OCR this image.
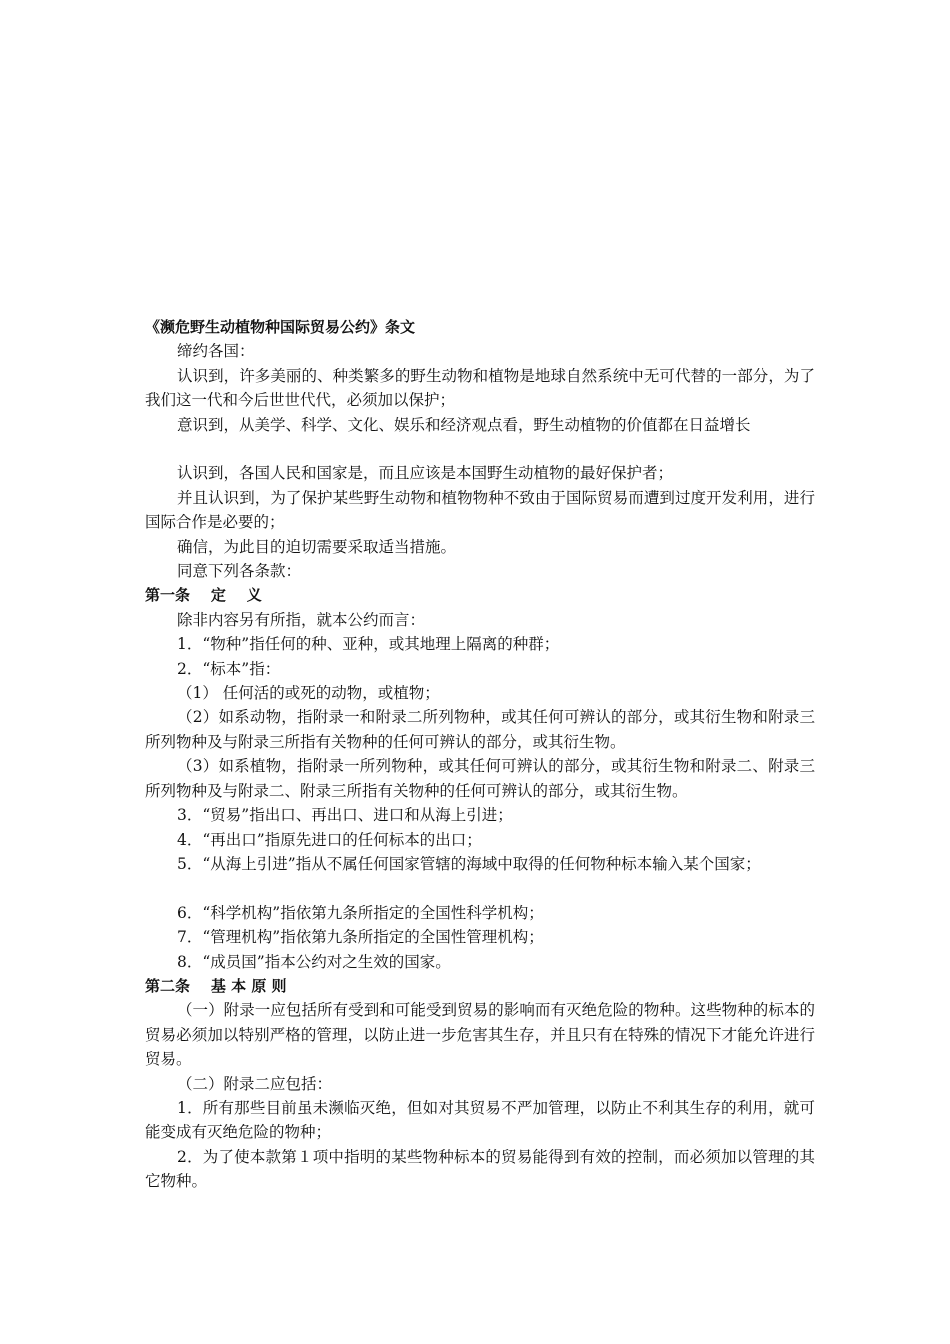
《濒危野生动植物种国际贸易公约》条文
缔约各国：
认识到，许多美丽的、种类繁多的野生动物和植物是地球自然系统中无可代替的一部分，为了我们这一代和今后世世代代，必须加以保护；
意识到，从美学、科学、文化、娱乐和经济观点看，野生动植物的价值都在日益增长
认识到，各国人民和国家是，而且应该是本国野生动植物的最好保护者；
并且认识到，为了保护某些野生动物和植物物种不致由于国际贸易而遭到过度开发利用，进行国际合作是必要的；
确信，为此目的迫切需要采取适当措施。
同意下列各条款：
第一条    定    义
除非内容另有所指，就本公约而言：
1．“物种”指任何的种、亚种，或其地理上隔离的种群；
2．“标本”指：
（1） 任何活的或死的动物，或植物；
（2）如系动物，指附录一和附录二所列物种，或其任何可辨认的部分，或其衍生物和附录三所列物种及与附录三所指有关物种的任何可辨认的部分，或其衍生物。
（3）如系植物，指附录一所列物种，或其任何可辨认的部分，或其衍生物和附录二、附录三所列物种及与附录二、附录三所指有关物种的任何可辨认的部分，或其衍生物。
3．“贸易”指出口、再出口、进口和从海上引进；
4．“再出口”指原先进口的任何标本的出口；
5．“从海上引进”指从不属任何国家管辖的海域中取得的任何物种标本输入某个国家；
6．“科学机构”指依第九条所指定的全国性科学机构；
7．“管理机构”指依第九条所指定的全国性管理机构；
8．“成员国”指本公约对之生效的国家。
第二条    基 本 原 则
（一）附录一应包括所有受到和可能受到贸易的影响而有灭绝危险的物种。这些物种的标本的贸易必须加以特别严格的管理，以防止进一步危害其生存，并且只有在特殊的情况下才能允许进行贸易。
（二）附录二应包括：
1．所有那些目前虽未濒临灭绝，但如对其贸易不严加管理，以防止不利其生存的利用，就可能变成有灭绝危险的物种；
2．为了使本款第１项中指明的某些物种标本的贸易能得到有效的控制，而必须加以管理的其它物种。
